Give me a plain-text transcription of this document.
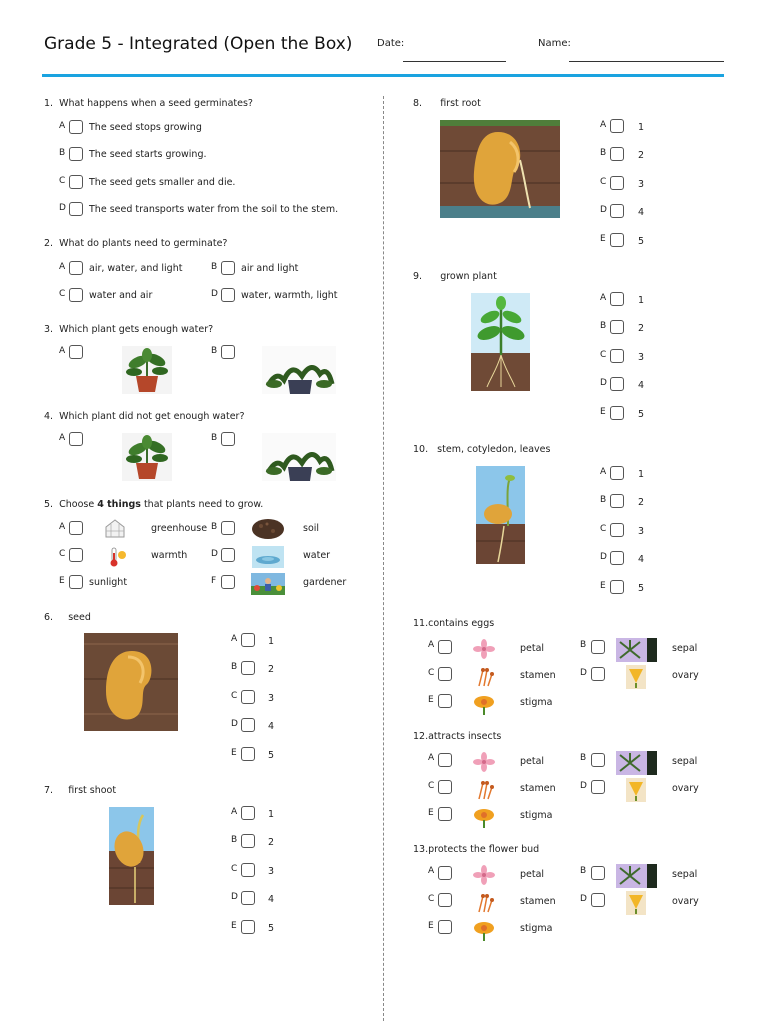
Grade 5 - Integrated (Open the Box) Date:	Name:
1. What happens when a seed germinates?
A	The seed stops growing
B	The seed starts growing.
C The seed gets smaller and die.
D The seed transports water from the soil to the stem.
2. What do plants need to germinate?
A	air, water, and light	B	air and light
C water and air	D water, warmth, light
3. Which plant gets enough water?
A	B
4. Which plant did not get enough water?
A	B
5. Choose 4 things that plants need to grow.
A	greenhouse B	soil
C	warmth	D	water
E	sunlight	F	gardener
6. seed
7. first shoot
A	1
B	2
C	3
D	4
E	5
A	1
B	2
C	3
D	4
E	5
8. first root
A	1
B	2
C	3
D	4
E	5
9. grown plant
A	1
B	2
C	3
D	4
E	5
10. stem, cotyledon, leaves
A	1
B	2
C	3
D	4
E	5
11.contains eggs
A	petal	B	sepal
C	stamen	D	ovary
E	stigma
12.attracts insects
A	petal	B	sepal
C	stamen	D	ovary
E	stigma
13.protects the flower bud
A	petal	B	sepal
C	stamen	D	ovary
E	stigma
